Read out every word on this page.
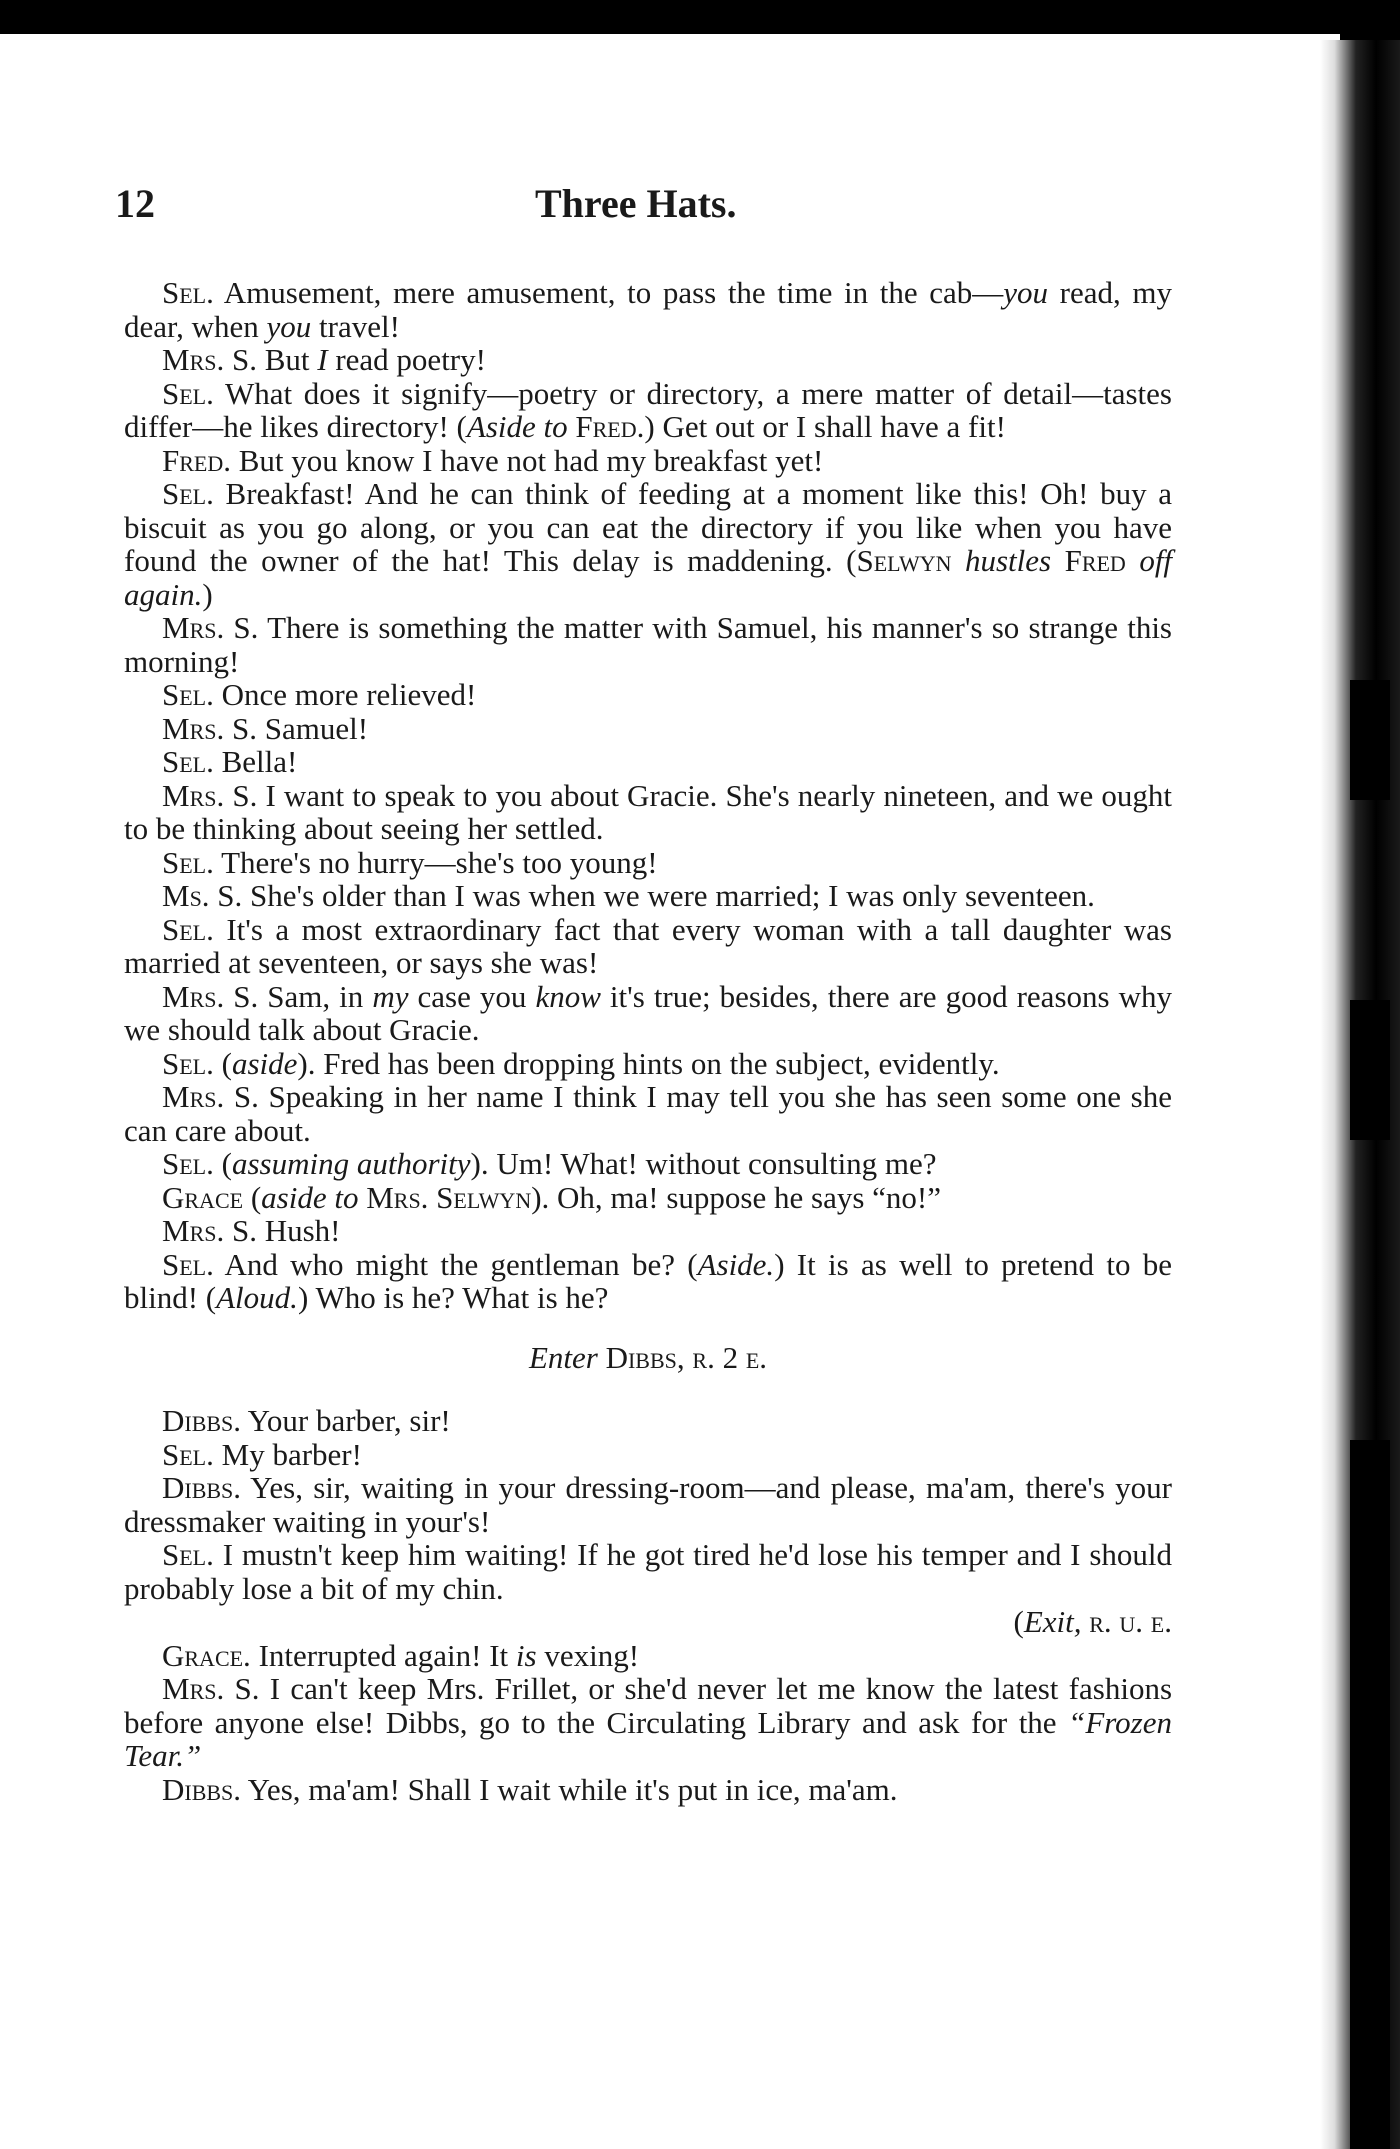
12	Three Hats.

Sel. Amusement, mere amusement, to pass the time in the cab—you read, my dear, when you travel!

Mrs. S. But I read poetry!

Sel. What does it signify—poetry or directory, a mere matter of detail—tastes differ—he likes directory! (Aside to Fred.) Get out or I shall have a fit!

Fred. But you know I have not had my breakfast yet!

Sel. Breakfast! And he can think of feeding at a moment like this! Oh! buy a biscuit as you go along, or you can eat the directory if you like when you have found the owner of the hat! This delay is maddening. (Selwyn hustles Fred off again.)

Mrs. S. There is something the matter with Samuel, his manner's so strange this morning!

Sel. Once more relieved!

Mrs. S. Samuel!

Sel. Bella!

Mrs. S. I want to speak to you about Gracie. She's nearly nineteen, and we ought to be thinking about seeing her settled.

Sel. There's no hurry—she's too young!

Ms. S. She's older than I was when we were married; I was only seventeen.

Sel. It's a most extraordinary fact that every woman with a tall daughter was married at seventeen, or says she was!

Mrs. S. Sam, in my case you know it's true; besides, there are good reasons why we should talk about Gracie.

Sel. (aside). Fred has been dropping hints on the subject, evidently.

Mrs. S. Speaking in her name I think I may tell you she has seen some one she can care about.

Sel. (assuming authority). Um! What! without consulting me?

Grace (aside to Mrs. Selwyn). Oh, ma! suppose he says “no!”

Mrs. S. Hush!

Sel. And who might the gentleman be? (Aside.) It is as well to pretend to be blind! (Aloud.) Who is he? What is he?

Enter Dibbs, r. 2 e.

Dibbs. Your barber, sir!

Sel. My barber!

Dibbs. Yes, sir, waiting in your dressing-room—and please, ma'am, there's your dressmaker waiting in your's!

Sel. I mustn't keep him waiting! If he got tired he'd lose his temper and I should probably lose a bit of my chin.

(Exit, r. u. e.

Grace. Interrupted again! It is vexing!

Mrs. S. I can't keep Mrs. Frillet, or she'd never let me know the latest fashions before anyone else! Dibbs, go to the Circulating Library and ask for the “Frozen Tear.”

Dibbs. Yes, ma'am! Shall I wait while it's put in ice, ma'am.
